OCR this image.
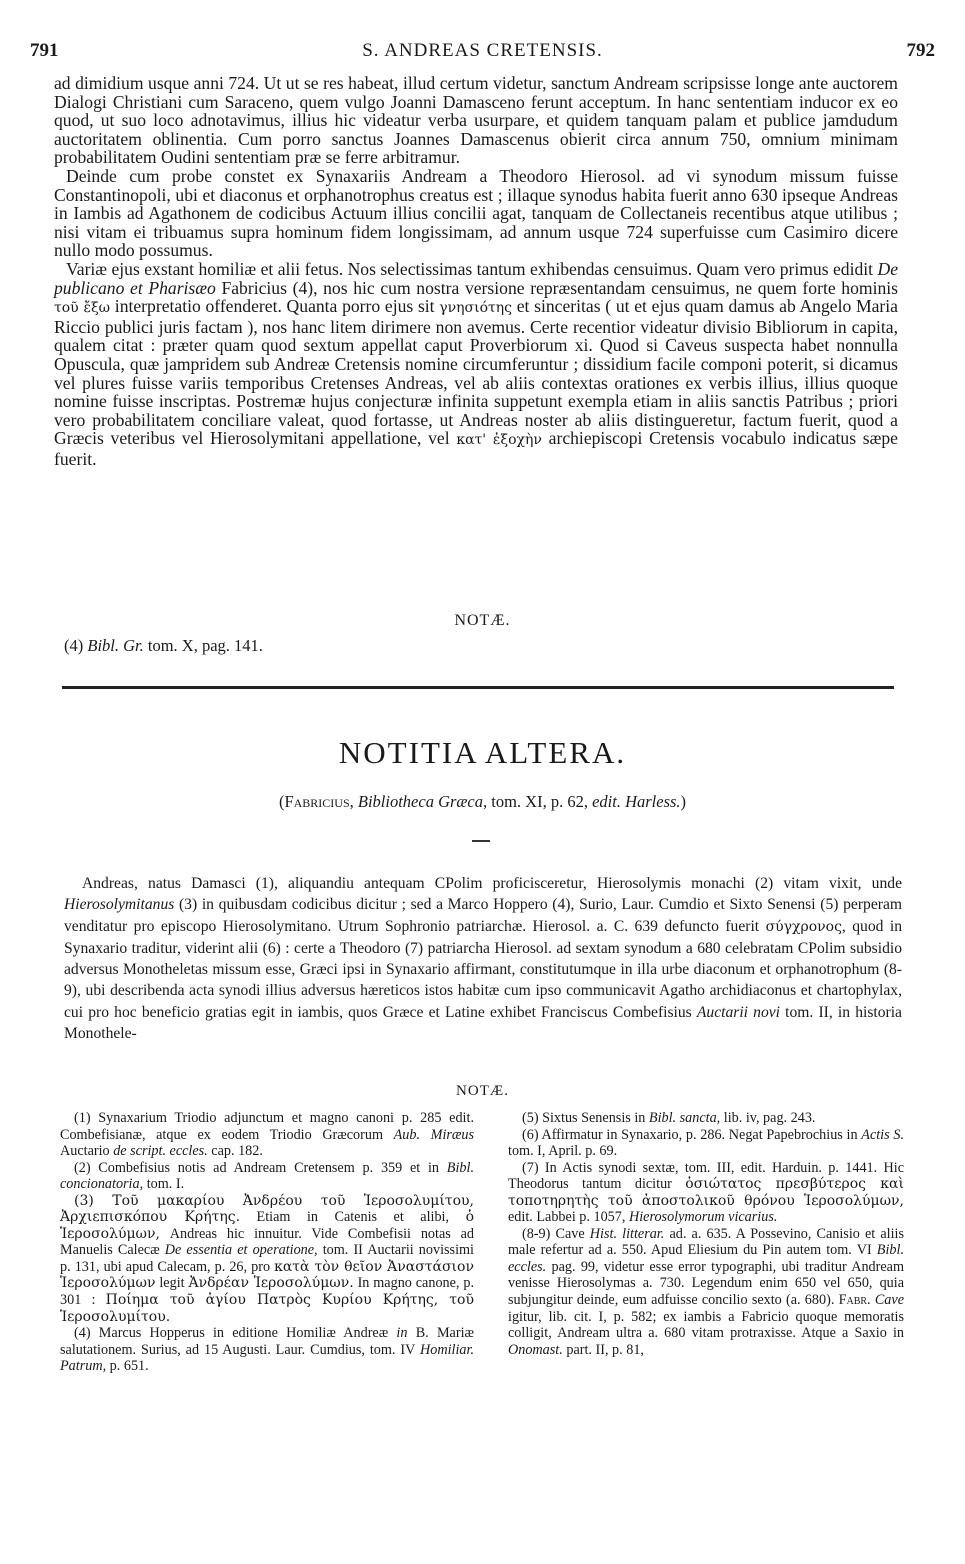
791	S. ANDREAS CRETENSIS.	792

ad dimidium usque anni 724. Ut ut se res habeat, illud certum videtur, sanctum Andream scripsisse longe ante auctorem Dialogi Christiani cum Saraceno, quem vulgo Joanni Damasceno ferunt acceptum. In hanc sententiam inducor ex eo quod, ut suo loco adnotavimus, illius hic videatur verba usurpare, et quidem tanquam palam et publice jamdudum auctoritatem oblinentia. Cum porro sanctus Joannes Damascenus obierit circa annum 750, omnium minimam probabilitatem Oudini sententiam præ se ferre arbitramur.

Deinde cum probe constet ex Synaxariis Andream a Theodoro Hierosol. ad vi synodum missum fuisse Constantinopoli, ubi et diaconus et orphanotrophus creatus est ; illaque synodus habita fuerit anno 630 ipseque Andreas in Iambis ad Agathonem de codicibus Actuum illius concilii agat, tanquam de Collectaneis recentibus atque utilibus ; nisi vitam ei tribuamus supra hominum fidem longissimam, ad annum usque 724 superfuisse cum Casimiro dicere nullo modo possumus.

Variæ ejus exstant homiliæ et alii fetus. Nos selectissimas tantum exhibendas censuimus. Quam vero primus edidit De publicano et Pharisæo Fabricius (4), nos hic cum nostra versione repræsentandam censuimus, ne quem forte hominis τοῦ ἔξω interpretatio offenderet. Quanta porro ejus sit γνησιότης et sinceritas ( ut et ejus quam damus ab Angelo Maria Riccio publici juris factam ), nos hanc litem dirimere non avemus. Certe recentior videatur divisio Bibliorum in capita, qualem citat : præter quam quod sextum appellat caput Proverbiorum xi. Quod si Caveus suspecta habet nonnulla Opuscula, quæ jampridem sub Andreæ Cretensis nomine circumferuntur ; dissidium facile componi poterit, si dicamus vel plures fuisse variis temporibus Cretenses Andreas, vel ab aliis contextas orationes ex verbis illius, illius quoque nomine fuisse inscriptas. Postremæ hujus conjecturæ infinita suppetunt exempla etiam in aliis sanctis Patribus ; priori vero probabilitatem conciliare valeat, quod fortasse, ut Andreas noster ab aliis distingueretur, factum fuerit, quod a Græcis veteribus vel Hierosolymitani appellatione, vel κατ' ἐξοχὴν archiepiscopi Cretensis vocabulo indicatus sæpe fuerit.

NOTÆ.
(4) Bibl. Gr. tom. X, pag. 141.
NOTITIA ALTERA.
(Fabricius, Bibliotheca Græca, tom. XI, p. 62, edit. Harless.)

Andreas, natus Damasci (1), aliquandiu antequam CPolim proficisceretur, Hierosolymis monachi (2) vitam vixit, unde Hierosolymitanus (3) in quibusdam codicibus dicitur ; sed a Marco Hoppero (4), Surio, Laur. Cumdio et Sixto Senensi (5) perperam venditatur pro episcopo Hierosolymitano. Utrum Sophronio patriarchæ. Hierosol. a. C. 639 defuncto fuerit σύγχρονος, quod in Synaxario traditur, viderint alii (6) : certe a Theodoro (7) patriarcha Hierosol. ad sextam synodum a 680 celebratam CPolim subsidio adversus Monotheletas missum esse, Græci ipsi in Synaxario affirmant, constitutumque in illa urbe diaconum et orphanotrophum (8-9), ubi describenda acta synodi illius adversus hæreticos istos habitæ cum ipso communicavit Agatho archidiaconus et chartophylax, cui pro hoc beneficio gratias egit in iambis, quos Græce et Latine exhibet Franciscus Combefisius Auctarii novi tom. II, in historia Monothele-

NOTÆ.

(1) Synaxarium Triodio adjunctum et magno canoni p. 285 edit. Combefisianæ, atque ex eodem Triodio Græcorum Aub. Miræus Auctario de script. eccles. cap. 182.

(2) Combefisius notis ad Andream Cretensem p. 359 et in Bibl. concionatoria, tom. I.

(3) Τοῦ μακαρίου Ἀνδρέου τοῦ Ἱεροσολυμίτου, Ἀρχιεπισκόπου Κρήτης. Etiam in Catenis et alibi, ὁ Ἱεροσολύμων, Andreas hic innuitur. Vide Combefisii notas ad Manuelis Calecæ De essentia et operatione, tom. II Auctarii novissimi p. 131, ubi apud Calecam, p. 26, pro κατὰ τὸν θεῖον Ἀναστάσιον Ἱεροσολύμων legit Ἀνδρέαν Ἱεροσολύμων. In magno canone, p. 301 : Ποίημα τοῦ ἁγίου Πατρὸς Κυρίου Κρήτης, τοῦ Ἱεροσολυμίτου.

(4) Marcus Hopperus in editione Homiliæ Andreæ in B. Mariæ salutationem. Surius, ad 15 Augusti. Laur. Cumdius, tom. IV Homiliar. Patrum, p. 651.

(5) Sixtus Senensis in Bibl. sancta, lib. iv, pag. 243.

(6) Affirmatur in Synaxario, p. 286. Negat Papebrochius in Actis S. tom. I, April. p. 69.

(7) In Actis synodi sextæ, tom. III, edit. Harduin. p. 1441. Hic Theodorus tantum dicitur ὁσιώτατος πρεσβύτερος καὶ τοποτηρητὴς τοῦ ἀποστολικοῦ θρόνου Ἱεροσολύμων, edit. Labbei p. 1057, Hierosolymorum vicarius.

(8-9) Cave Hist. litterar. ad. a. 635. A Possevino, Canisio et aliis male refertur ad a. 550. Apud Eliesium du Pin autem tom. VI Bibl. eccles. pag. 99, videtur esse error typographi, ubi traditur Andream venisse Hierosolymas a. 730. Legendum enim 650 vel 650, quia subjungitur deinde, eum adfuisse concilio sexto (a. 680). Fabr. Cave igitur, lib. cit. I, p. 582; ex iambis a Fabricio quoque memoratis colligit, Andream ultra a. 680 vitam protraxisse. Atque a Saxio in Onomast. part. II, p. 81,
